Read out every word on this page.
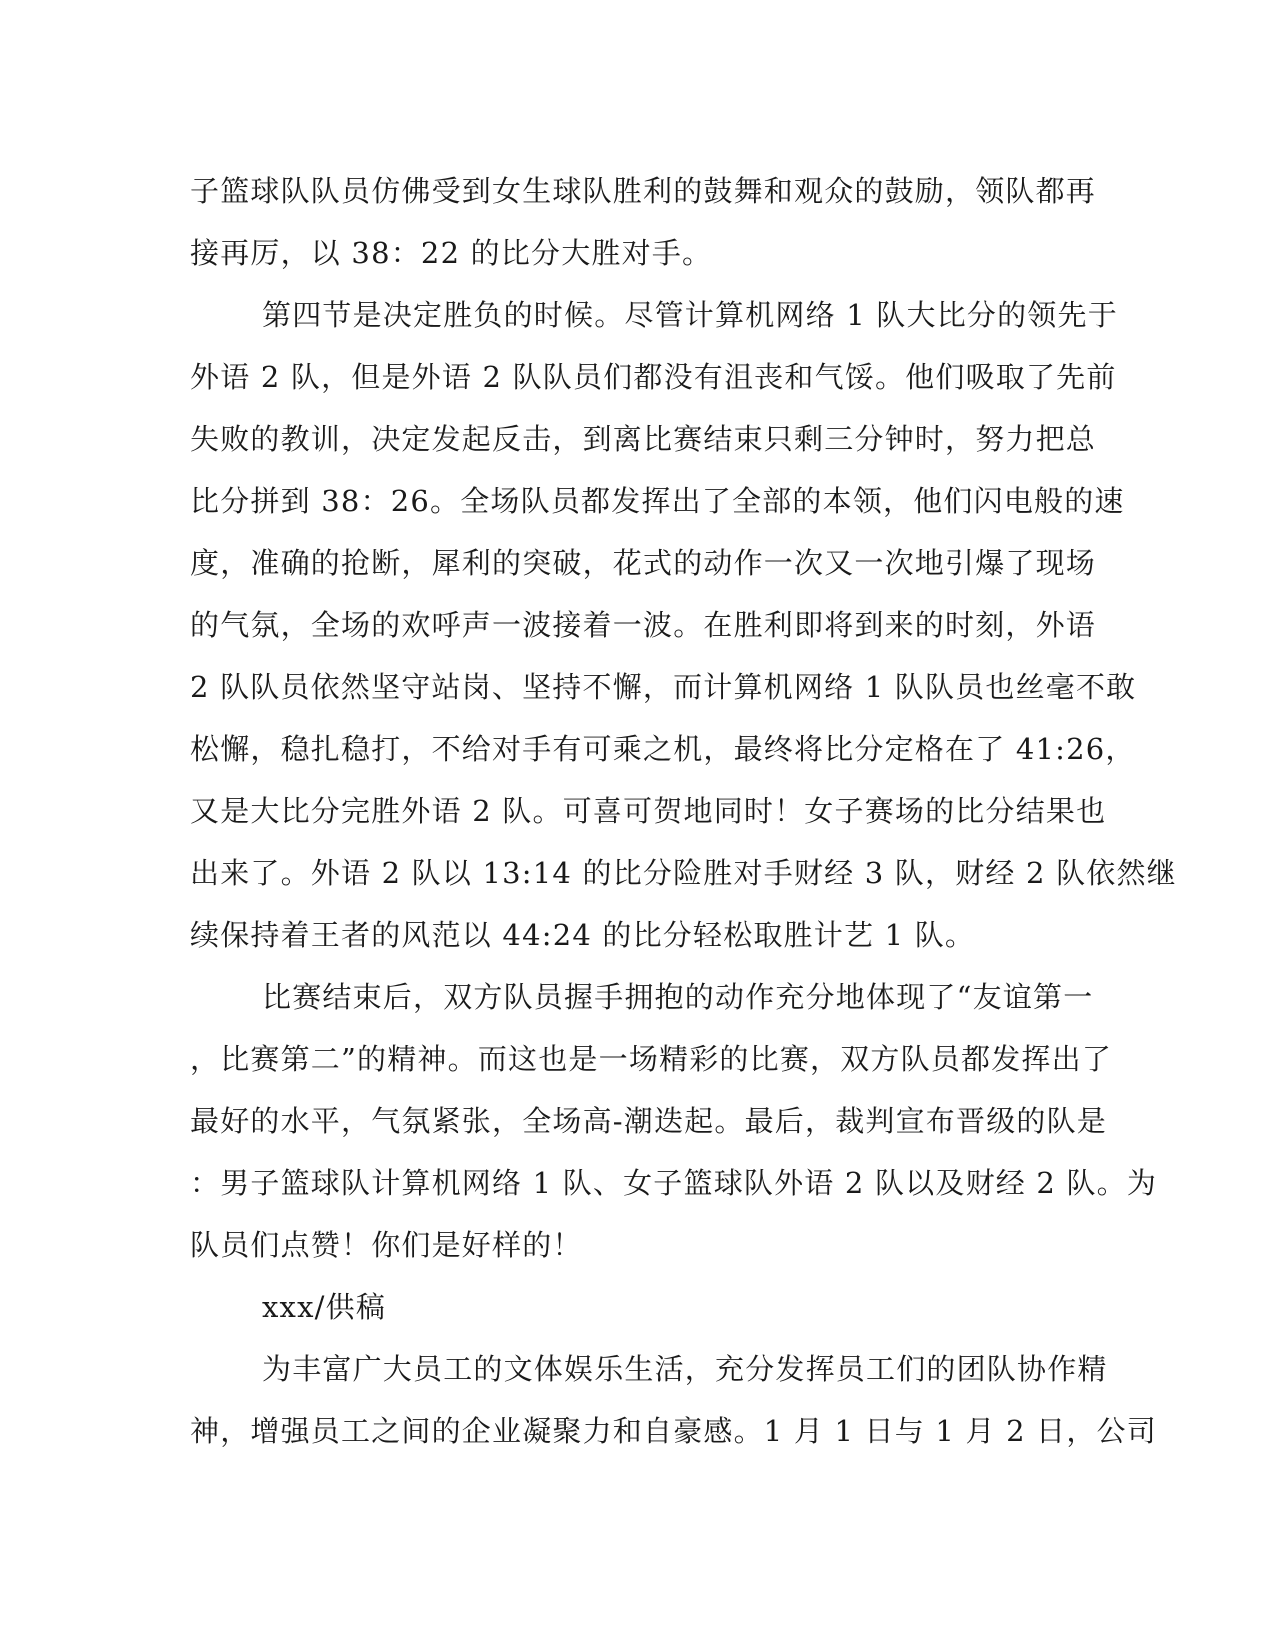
子篮球队队员仿佛受到女生球队胜利的鼓舞和观众的鼓励，领队都再
接再厉，以 38：22 的比分大胜对手。
第四节是决定胜负的时候。尽管计算机网络 1 队大比分的领先于
外语 2 队，但是外语 2 队队员们都没有沮丧和气馁。他们吸取了先前
失败的教训，决定发起反击，到离比赛结束只剩三分钟时，努力把总
比分拼到 38：26。全场队员都发挥出了全部的本领，他们闪电般的速
度，准确的抢断，犀利的突破，花式的动作一次又一次地引爆了现场
的气氛，全场的欢呼声一波接着一波。在胜利即将到来的时刻，外语
2 队队员依然坚守站岗、坚持不懈，而计算机网络 1 队队员也丝毫不敢
松懈，稳扎稳打，不给对手有可乘之机，最终将比分定格在了 41:26，
又是大比分完胜外语 2 队。可喜可贺地同时！女子赛场的比分结果也
出来了。外语 2 队以 13:14 的比分险胜对手财经 3 队，财经 2 队依然继
续保持着王者的风范以 44:24 的比分轻松取胜计艺 1 队。
比赛结束后，双方队员握手拥抱的动作充分地体现了“友谊第一
，比赛第二”的精神。而这也是一场精彩的比赛，双方队员都发挥出了
最好的水平，气氛紧张，全场高-潮迭起。最后，裁判宣布晋级的队是
：男子篮球队计算机网络 1 队、女子篮球队外语 2 队以及财经 2 队。为
队员们点赞！你们是好样的！
xxx/供稿
为丰富广大员工的文体娱乐生活，充分发挥员工们的团队协作精
神，增强员工之间的企业凝聚力和自豪感。1 月 1 日与 1 月 2 日，公司
